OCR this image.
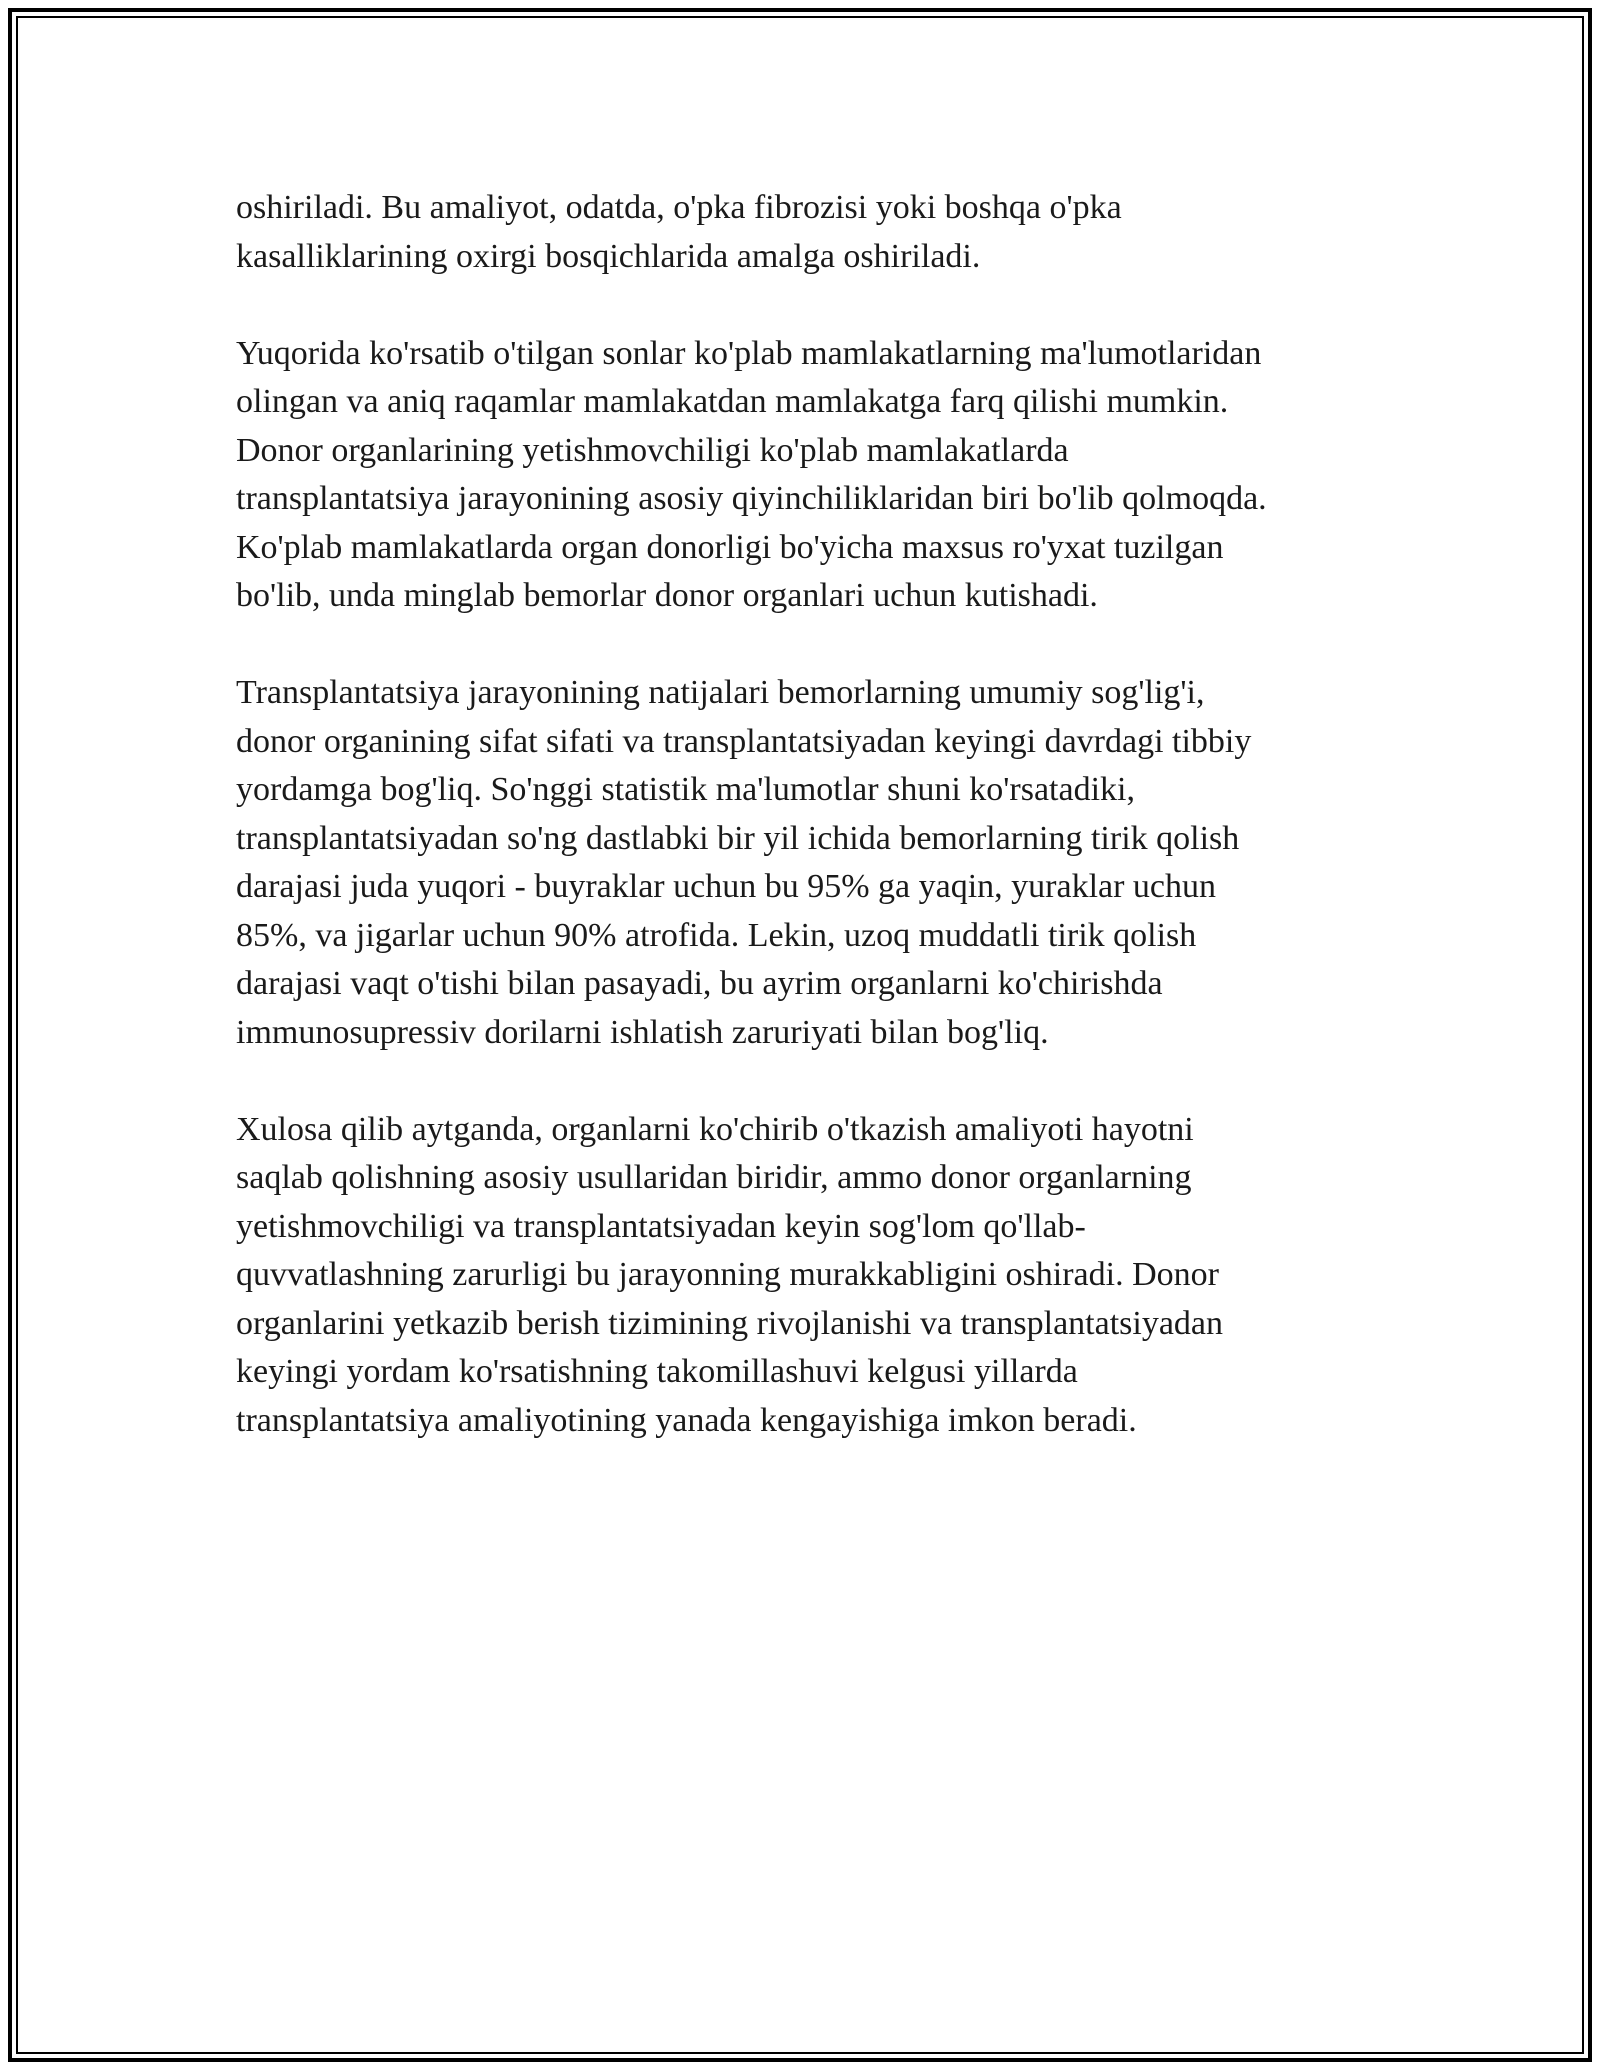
oshiriladi. Bu amaliyot, odatda, o'pka fibrozisi yoki boshqa o'pka
kasalliklarining oxirgi bosqichlarida amalga oshiriladi.

Yuqorida ko'rsatib o'tilgan sonlar ko'plab mamlakatlarning ma'lumotlaridan
olingan va aniq raqamlar mamlakatdan mamlakatga farq qilishi mumkin.
Donor organlarining yetishmovchiligi ko'plab mamlakatlarda
transplantatsiya jarayonining asosiy qiyinchiliklaridan biri bo'lib qolmoqda.
Ko'plab mamlakatlarda organ donorligi bo'yicha maxsus ro'yxat tuzilgan
bo'lib, unda minglab bemorlar donor organlari uchun kutishadi.

Transplantatsiya jarayonining natijalari bemorlarning umumiy sog'lig'i,
donor organining sifat sifati va transplantatsiyadan keyingi davrdagi tibbiy
yordamga bog'liq. So'nggi statistik ma'lumotlar shuni ko'rsatadiki,
transplantatsiyadan so'ng dastlabki bir yil ichida bemorlarning tirik qolish
darajasi juda yuqori - buyraklar uchun bu 95% ga yaqin, yuraklar uchun
85%, va jigarlar uchun 90% atrofida. Lekin, uzoq muddatli tirik qolish
darajasi vaqt o'tishi bilan pasayadi, bu ayrim organlarni ko'chirishda
immunosupressiv dorilarni ishlatish zaruriyati bilan bog'liq.

Xulosa qilib aytganda, organlarni ko'chirib o'tkazish amaliyoti hayotni
saqlab qolishning asosiy usullaridan biridir, ammo donor organlarning
yetishmovchiligi va transplantatsiyadan keyin sog'lom qo'llab-
quvvatlashning zarurligi bu jarayonning murakkabligini oshiradi. Donor
organlarini yetkazib berish tizimining rivojlanishi va transplantatsiyadan
keyingi yordam ko'rsatishning takomillashuvi kelgusi yillarda
transplantatsiya amaliyotining yanada kengayishiga imkon beradi.
